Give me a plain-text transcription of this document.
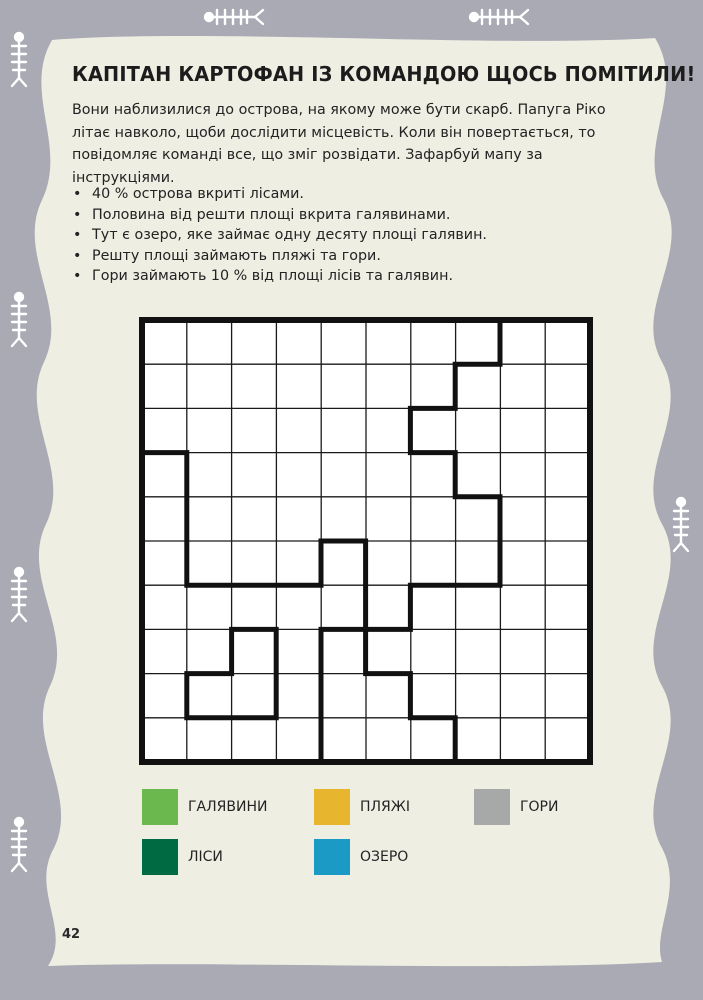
КАПІТАН КАРТОФАН ІЗ КОМАНДОЮ ЩОСЬ ПОМІТИЛИ!

Вони наблизилися до острова, на якому може бути скарб. Папуга Ріко літає навколо, щоби дослідити місцевість. Коли він повертається, то повідомляє команді все, що зміг розвідати. Зафарбуй мапу за інструкціями.

• 40 % острова вкриті лісами.
• Половина від решти площі вкрита галявинами.
• Тут є озеро, яке займає одну десяту площі галявин.
• Решту площі займають пляжі та гори.
• Гори займають 10 % від площі лісів та галявин.
ГАЛЯВИНИ	ПЛЯЖІ	ГОРИ
ЛІСИ	ОЗЕРО
42
